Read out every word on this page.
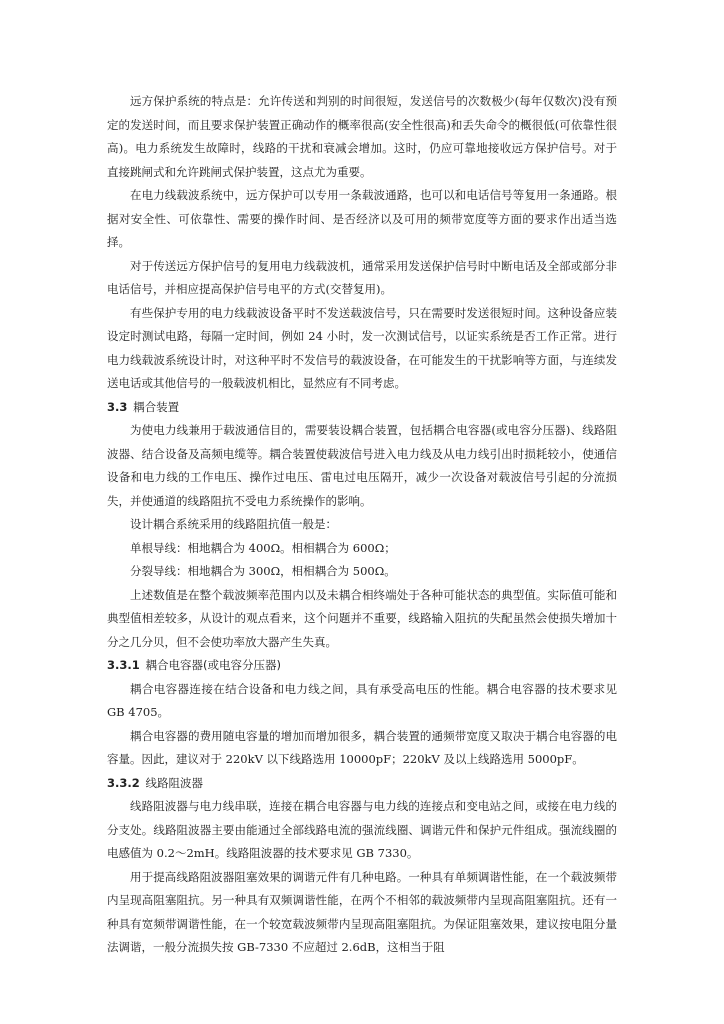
远方保护系统的特点是：允许传送和判别的时间很短，发送信号的次数极少(每年仅数次)没有预定的发送时间，而且要求保护装置正确动作的概率很高(安全性很高)和丢失命令的概很低(可依靠性很高)。电力系统发生故障时，线路的干扰和衰减会增加。这时，仍应可靠地接收远方保护信号。对于直接跳闸式和允许跳闸式保护装置，这点尤为重要。

在电力线载波系统中，远方保护可以专用一条载波通路，也可以和电话信号等复用一条通路。根据对安全性、可依靠性、需要的操作时间、是否经济以及可用的频带宽度等方面的要求作出适当选择。

对于传送远方保护信号的复用电力线载波机，通常采用发送保护信号时中断电话及全部或部分非电话信号，并相应提高保护信号电平的方式(交替复用)。

有些保护专用的电力线载波设备平时不发送载波信号，只在需要时发送很短时间。这种设备应装设定时测试电路，每隔一定时间，例如 24 小时，发一次测试信号，以证实系统是否工作正常。进行电力线载波系统设计时，对这种平时不发信号的载波设备，在可能发生的干扰影响等方面，与连续发送电话或其他信号的一般载波机相比，显然应有不同考虑。

3.3 耦合装置

为使电力线兼用于载波通信目的，需要装设耦合装置，包括耦合电容器(或电容分压器)、线路阻波器、结合设备及高频电缆等。耦合装置使载波信号进入电力线及从电力线引出时损耗较小，使通信设备和电力线的工作电压、操作过电压、雷电过电压隔开，减少一次设备对载波信号引起的分流损失，并使通道的线路阻抗不受电力系统操作的影响。

设计耦合系统采用的线路阻抗值一般是：

单根导线：相地耦合为 400Ω。相相耦合为 600Ω；

分裂导线：相地耦合为 300Ω，相相耦合为 500Ω。

上述数值是在整个载波频率范围内以及未耦合相终端处于各种可能状态的典型值。实际值可能和典型值相差较多，从设计的观点看来，这个问题并不重要，线路输入阻抗的失配虽然会使损失增加十分之几分贝，但不会使功率放大器产生失真。

3.3.1 耦合电容器(或电容分压器)

耦合电容器连接在结合设备和电力线之间，具有承受高电压的性能。耦合电容器的技术要求见 GB 4705。

耦合电容器的费用随电容量的增加而增加很多，耦合装置的通频带宽度又取决于耦合电容器的电容量。因此，建议对于 220kV 以下线路选用 10000pF；220kV 及以上线路选用 5000pF。

3.3.2 线路阻波器

线路阻波器与电力线串联，连接在耦合电容器与电力线的连接点和变电站之间，或接在电力线的分支处。线路阻波器主要由能通过全部线路电流的强流线圈、调谐元件和保护元件组成。强流线圈的电感值为 0.2～2mH。线路阻波器的技术要求见 GB 7330。

用于提高线路阻波器阻塞效果的调谐元件有几种电路。一种具有单频调谐性能，在一个载波频带内呈现高阻塞阻抗。另一种具有双频调谐性能，在两个不相邻的载波频带内呈现高阻塞阻抗。还有一种具有宽频带调谐性能，在一个较宽载波频带内呈现高阻塞阻抗。为保证阻塞效果，建议按电阻分量法调谐，一般分流损失按 GB-7330 不应超过 2.6dB，这相当于阻
